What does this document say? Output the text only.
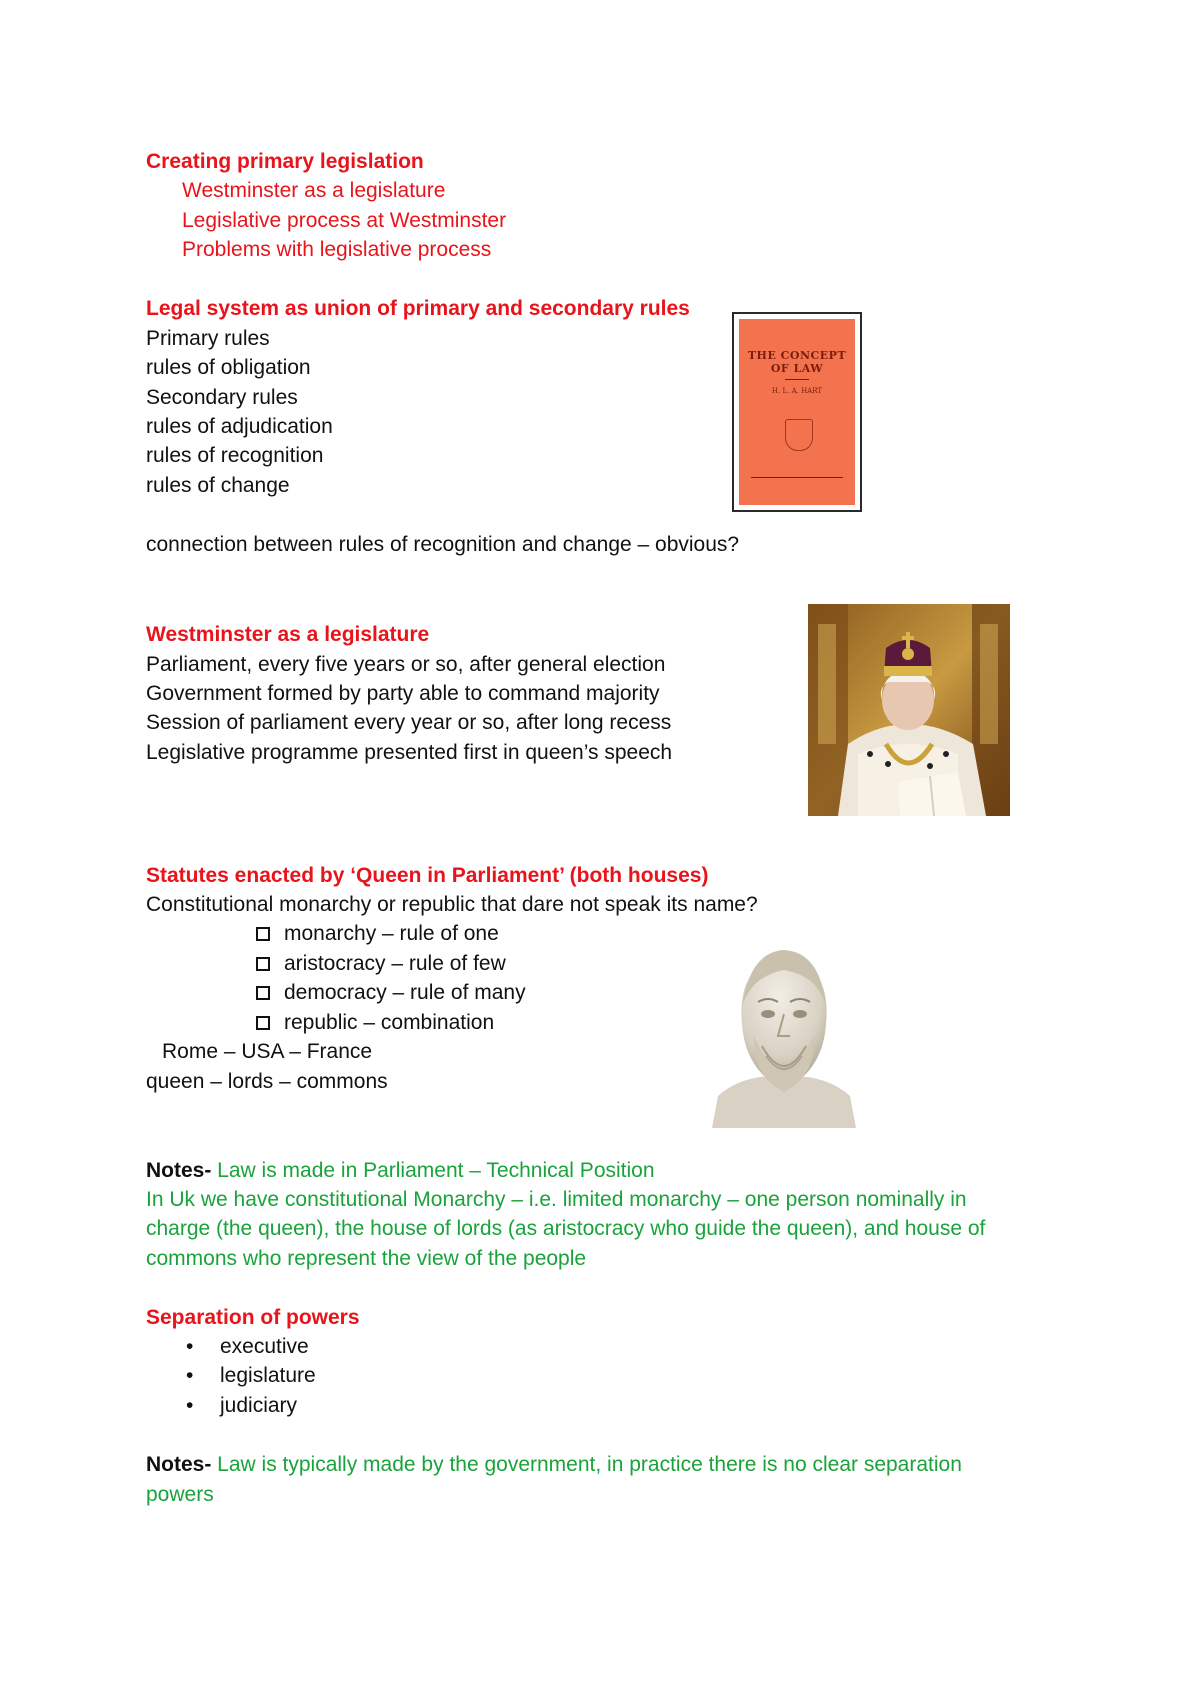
Creating primary legislation
Westminster as a legislature
Legislative process at Westminster
Problems with legislative process
Legal system as union of primary and secondary rules
Primary rules
rules of obligation
Secondary rules
rules of adjudication
rules of recognition
rules of change
connection between rules of recognition and change – obvious?
THE CONCEPT
OF LAW
H. L. A. HART
Westminster as a legislature
Parliament, every five years or so, after general election
Government formed by party able to command majority
Session of parliament every year or so, after long recess
Legislative programme presented first in queen’s speech
Statutes enacted by ‘Queen in Parliament’ (both houses)
Constitutional monarchy or republic that dare not speak its name?
monarchy – rule of one
aristocracy – rule of few
democracy – rule of many
republic – combination
Rome – USA – France
queen – lords – commons
Notes- Law is made in Parliament – Technical Position
In Uk we have constitutional Monarchy – i.e. limited monarchy – one person nominally in
charge (the queen), the house of lords (as aristocracy who guide the queen), and house of
commons who represent the view of the people
Separation of powers
• executive
• legislature
• judiciary
Notes- Law is typically made by the government, in practice there is no clear separation
powers
